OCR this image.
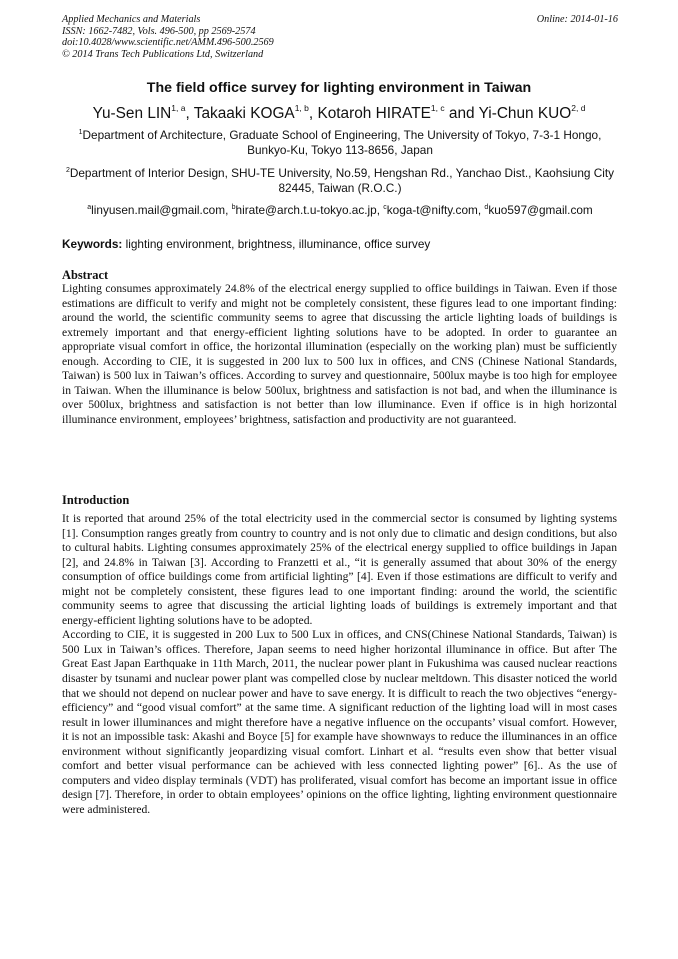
Applied Mechanics and Materials
ISSN: 1662-7482, Vols. 496-500, pp 2569-2574
doi:10.4028/www.scientific.net/AMM.496-500.2569
© 2014 Trans Tech Publications Ltd, Switzerland
Online: 2014-01-16
The field office survey for lighting environment in Taiwan
Yu-Sen LIN$^{1, a}$, Takaaki KOGA$^{1, b}$, Kotaroh HIRATE$^{1, c}$ and Yi-Chun KUO$^{2, d}$
$^1$Department of Architecture, Graduate School of Engineering, The University of Tokyo, 7-3-1 Hongo, Bunkyo-Ku, Tokyo 113-8656, Japan
$^2$Department of Interior Design, SHU-TE University, No.59, Hengshan Rd., Yanchao Dist., Kaohsiung City 82445, Taiwan (R.O.C.)
$^a$linyusen.mail@gmail.com, $^b$hirate@arch.t.u-tokyo.ac.jp, $^c$koga-t@nifty.com, $^d$kuo597@gmail.com
Keywords: lighting environment, brightness, illuminance, office survey
Abstract

Lighting consumes approximately 24.8% of the electrical energy supplied to office buildings in Taiwan. Even if those estimations are difficult to verify and might not be completely consistent, these figures lead to one important finding: around the world, the scientific community seems to agree that discussing the article lighting loads of buildings is extremely important and that energy-efficient lighting solutions have to be adopted. In order to guarantee an appropriate visual comfort in office, the horizontal illumination (especially on the working plan) must be sufficiently enough. According to CIE, it is suggested in 200 lux to 500 lux in offices, and CNS (Chinese National Standards, Taiwan) is 500 lux in Taiwan’s offices. According to survey and questionnaire, 500lux maybe is too high for employee in Taiwan. When the illuminance is below 500lux, brightness and satisfaction is not bad, and when the illuminance is over 500lux, brightness and satisfaction is not better than low illuminance. Even if office is in high horizontal illuminance environment, employees’ brightness, satisfaction and productivity are not guaranteed.

Introduction
It is reported that around 25% of the total electricity used in the commercial sector is consumed by lighting systems [1]. Consumption ranges greatly from country to country and is not only due to climatic and design conditions, but also to cultural habits. Lighting consumes approximately 25% of the electrical energy supplied to office buildings in Japan [2], and 24.8% in Taiwan [3]. According to Franzetti et al., “it is generally assumed that about 30% of the energy consumption of office buildings come from artificial lighting” [4]. Even if those estimations are difficult to verify and might not be completely consistent, these figures lead to one important finding: around the world, the scientific community seems to agree that discussing the articial lighting loads of buildings is extremely important and that energy-efficient lighting solutions have to be adopted.
According to CIE, it is suggested in 200 Lux to 500 Lux in offices, and CNS(Chinese National Standards, Taiwan) is 500 Lux in Taiwan’s offices. Therefore, Japan seems to need higher horizontal illuminance in office. But after The Great East Japan Earthquake in 11th March, 2011, the nuclear power plant in Fukushima was caused nuclear reactions disaster by tsunami and nuclear power plant was compelled close by nuclear meltdown. This disaster noticed the world that we should not depend on nuclear power and have to save energy. It is difficult to reach the two objectives “energy-efficiency” and “good visual comfort” at the same time. A significant reduction of the lighting load will in most cases result in lower illuminances and might therefore have a negative influence on the occupants’ visual comfort. However, it is not an impossible task: Akashi and Boyce [5] for example have shownways to reduce the illuminances in an office environment without significantly jeopardizing visual comfort. Linhart et al. “results even show that better visual comfort and better visual performance can be achieved with less connected lighting power” [6].. As the use of computers and video display terminals (VDT) has proliferated, visual comfort has become an important issue in office design [7]. Therefore, in order to obtain employees’ opinions on the office lighting, lighting environment questionnaire were administered.
